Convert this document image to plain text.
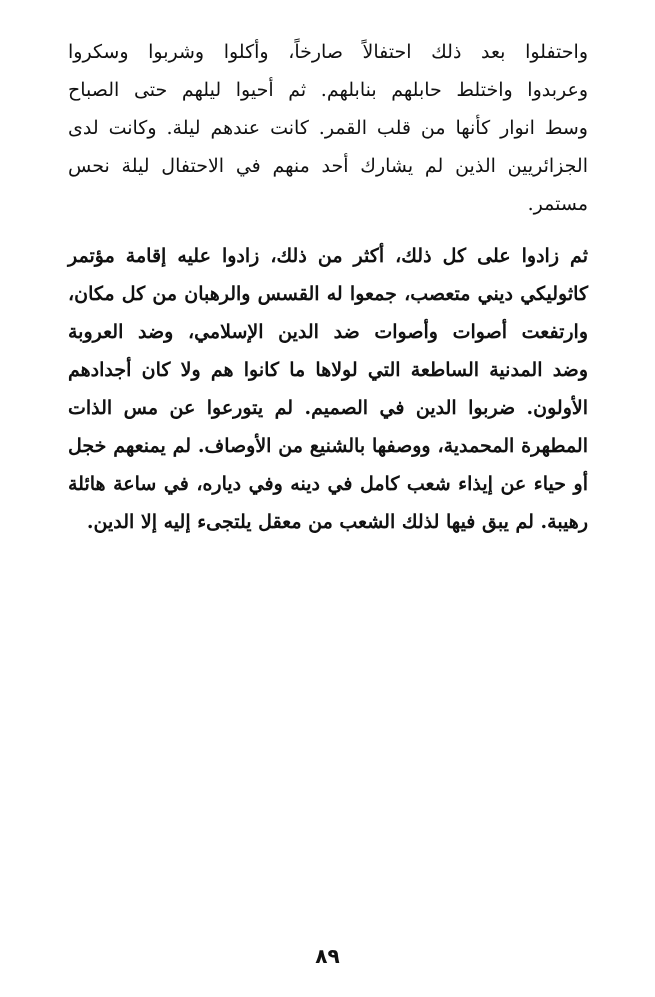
واحتفلوا بعد ذلك احتفالاً صارخاً، وأكلوا وشربوا وسكروا
وعربدوا واختلط حابلهم بنابلهم. ثم أحيوا ليلهم حتى الصباح
وسط انوار كأنها من قلب القمر. كانت عندهم ليلة. وكانت لدى
الجزائريين الذين لم يشارك أحد منهم في الاحتفال ليلة نحس
مستمر.
ثم زادوا على كل ذلك، أكثر من ذلك، زادوا عليه إقامة مؤتمر
كاثوليكي ديني متعصب، جمعوا له القسس والرهبان من كل مكان،
وارتفعت أصوات وأصوات ضد الدين الإسلامي، وضد العروبة
وضد المدنية الساطعة التي لولاها ما كانوا هم ولا كان أجدادهم
الأولون. ضربوا الدين في الصميم. لم يتورعوا عن مس الذات
المطهرة المحمدية، ووصفها بالشنيع من الأوصاف. لم يمنعهم خجل
أو حياء عن إيذاء شعب كامل في دينه وفي دياره، في ساعة هائلة
رهيبة. لم يبق فيها لذلك الشعب من معقل يلتجىء إليه إلا الدين.
٨٩
